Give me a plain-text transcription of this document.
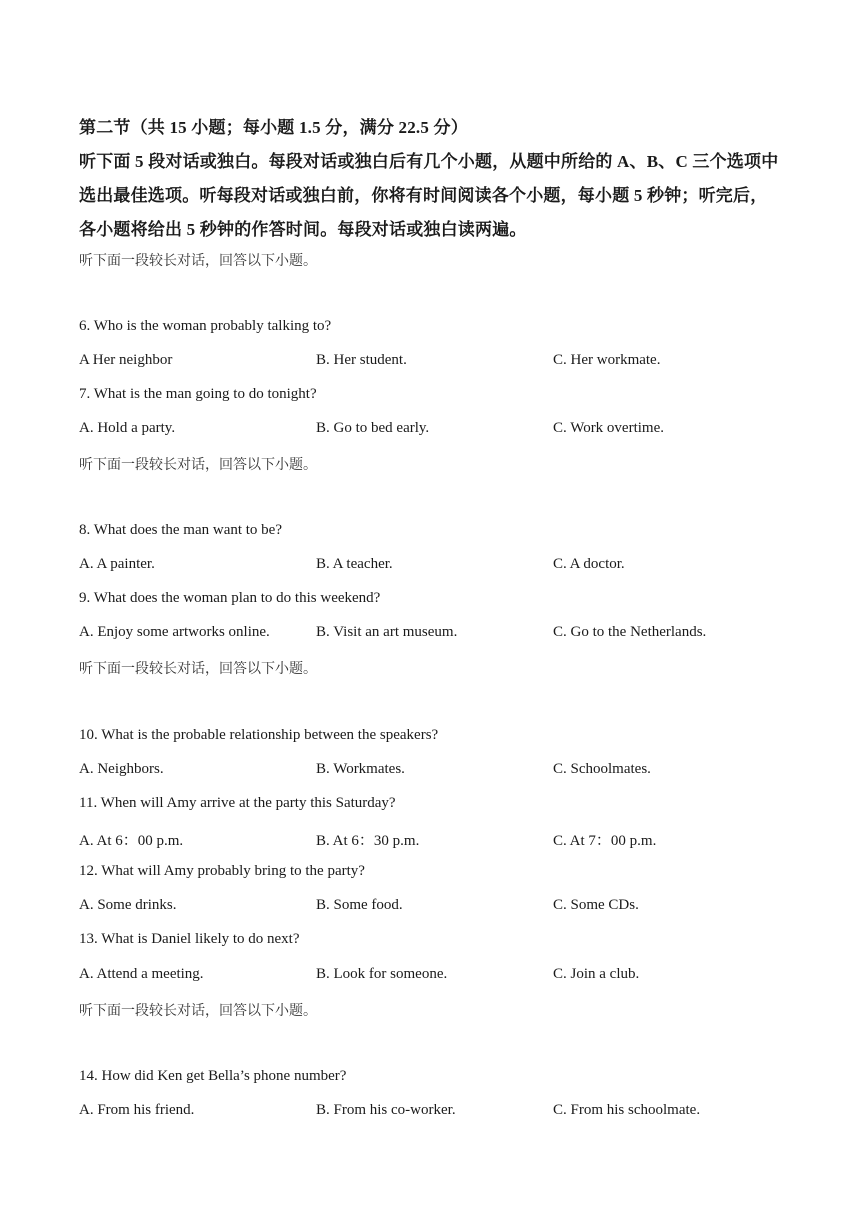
第二节（共 15 小题；每小题 1.5 分，满分 22.5 分）
听下面 5 段对话或独白。每段对话或独白后有几个小题，从题中所给的 A、B、C 三个选项中
选出最佳选项。听每段对话或独白前，你将有时间阅读各个小题，每小题 5 秒钟；听完后，
各小题将给出 5 秒钟的作答时间。每段对话或独白读两遍。
听下面一段较长对话，回答以下小题。
6. Who is the woman probably talking to?
A Her neighbor	B. Her student.	C. Her workmate.
7. What is the man going to do tonight?
A. Hold a party.	B. Go to bed early.	C. Work overtime.
听下面一段较长对话，回答以下小题。
8. What does the man want to be?
A. A painter.	B. A teacher.	C. A doctor.
9. What does the woman plan to do this weekend?
A. Enjoy some artworks online.	B. Visit an art museum.	C. Go to the Netherlands.
听下面一段较长对话，回答以下小题。
10. What is the probable relationship between the speakers?
A. Neighbors.	B. Workmates.	C. Schoolmates.
11. When will Amy arrive at the party this Saturday?
A. At 6：00 p.m.	B. At 6：30 p.m.	C. At 7：00 p.m.
12. What will Amy probably bring to the party?
A. Some drinks.	B. Some food.	C. Some CDs.
13. What is Daniel likely to do next?
A. Attend a meeting.	B. Look for someone.	C. Join a club.
听下面一段较长对话，回答以下小题。
14. How did Ken get Bella’s phone number?
A. From his friend.	B. From his co-worker.	C. From his schoolmate.
